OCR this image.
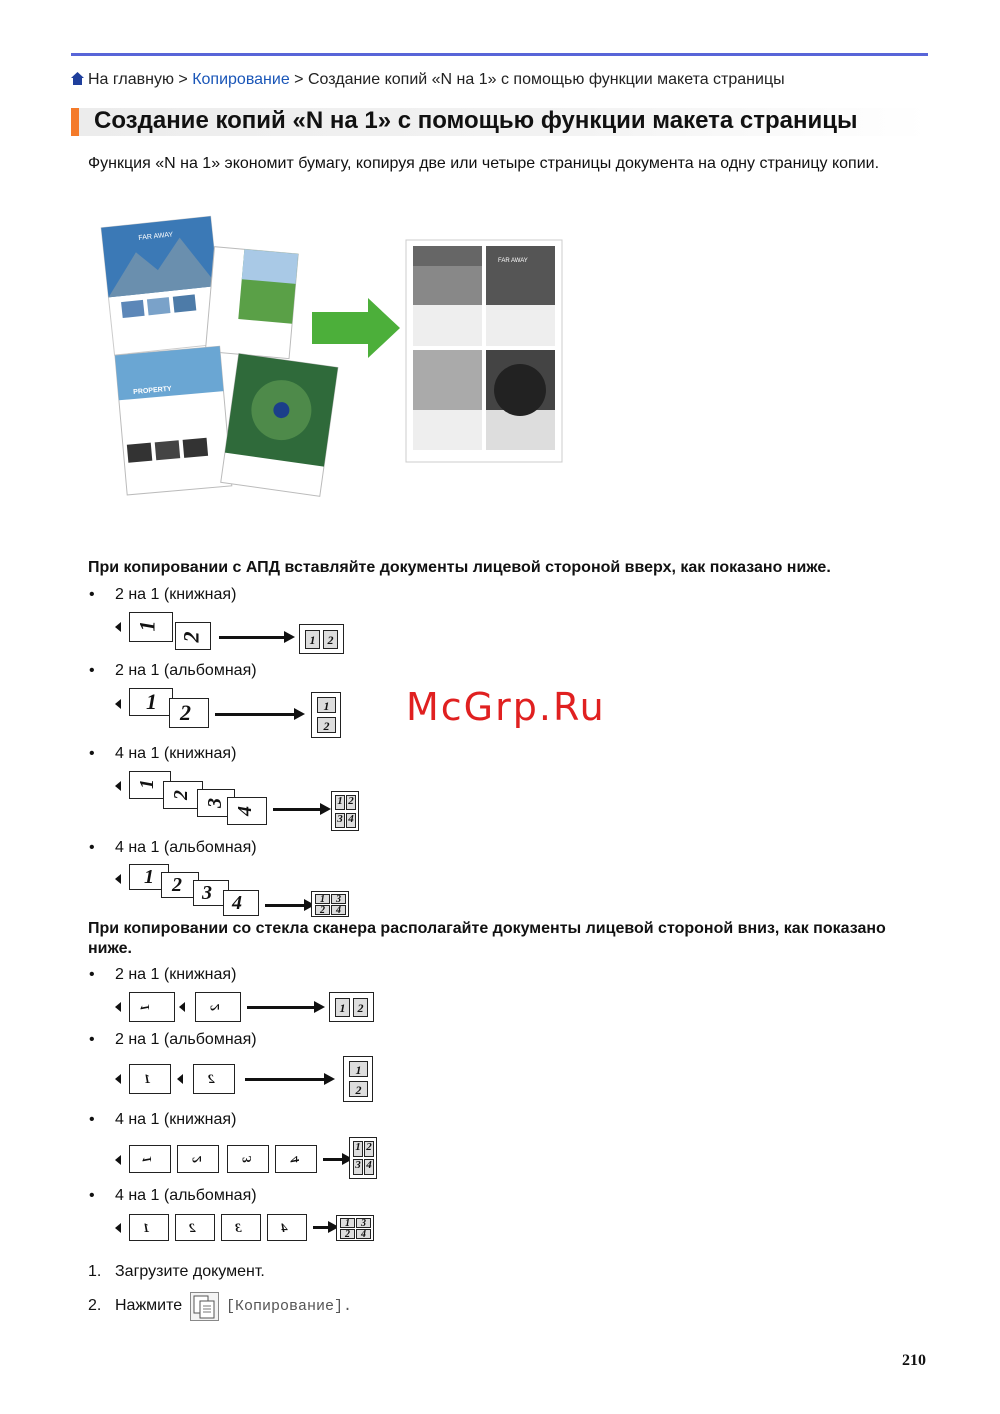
На главную > Копирование > Создание копий «N на 1» с помощью функции макета страницы
Создание копий «N на 1» с помощью функции макета страницы
Функция «N на 1» экономит бумагу, копируя две или четыре страницы документа на одну страницу копии.
FAR AWAY
PROPERTY
FAR AWAY
При копировании с АПД вставляйте документы лицевой стороной вверх, как показано ниже.
• 2 на 1 (книжная)
1
2	1	2
• 2 на 1 (альбомная)
1 2	1
2
• 4 на 1 (книжная)
1
2
3
4
1 2
3 4
• 4 на 1 (альбомная)
1 2 3 4	1	3
2	4
При копировании со стекла сканера располагайте документы лицевой стороной вниз, как показано
ниже.
• 2 на 1 (книжная)
1	2	1	2
• 2 на 1 (альбомная)
1	2
1
2
• 4 на 1 (книжная)
1	2	3	4
1 2
3 4
• 4 на 1 (альбомная)
1	2	3	4	1	3
2	4
McGrp.Ru
1. Загрузите документ.
2. Нажмите	[Копирование].
210
